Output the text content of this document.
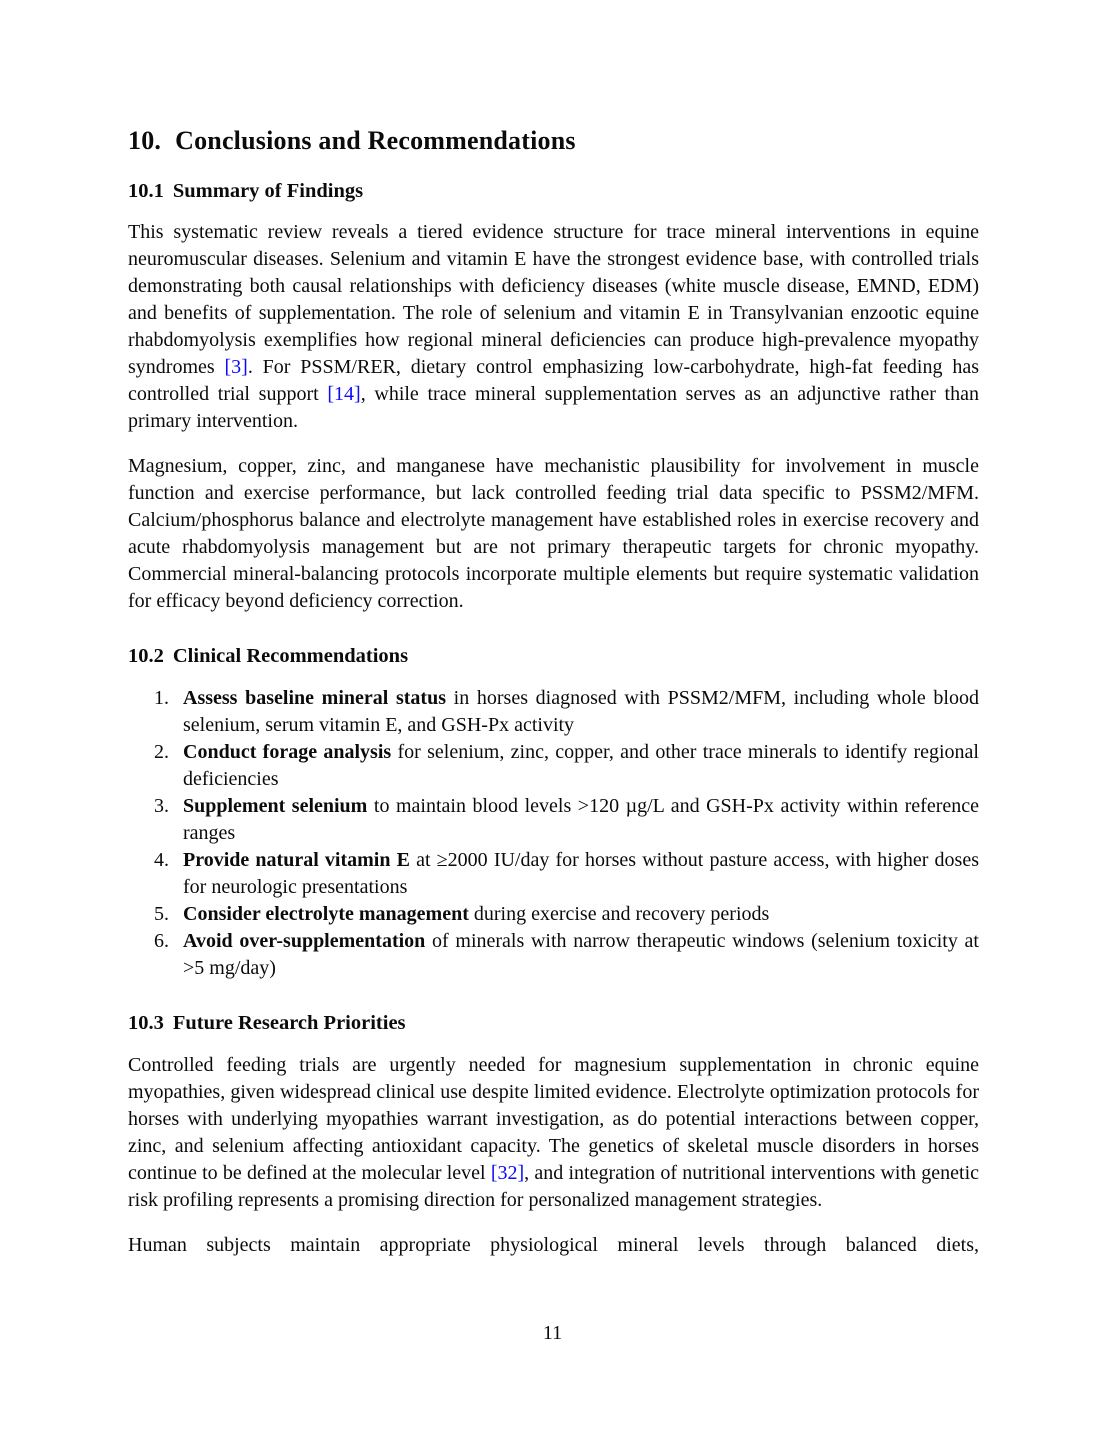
10. Conclusions and Recommendations
10.1 Summary of Findings

This systematic review reveals a tiered evidence structure for trace mineral interventions in equine neuromuscular diseases. Selenium and vitamin E have the strongest evidence base, with controlled trials demonstrating both causal relationships with deficiency diseases (white muscle disease, EMND, EDM) and benefits of supplementation. The role of selenium and vitamin E in Transylvanian enzootic equine rhabdomyolysis exemplifies how regional mineral deficiencies can produce high-prevalence myopathy syndromes [3]. For PSSM/RER, dietary control emphasizing low-carbohydrate, high-fat feeding has controlled trial support [14], while trace mineral supplementation serves as an adjunctive rather than primary intervention.

Magnesium, copper, zinc, and manganese have mechanistic plausibility for involvement in muscle function and exercise performance, but lack controlled feeding trial data specific to PSSM2/MFM. Calcium/phosphorus balance and electrolyte management have established roles in exercise recovery and acute rhabdomyolysis management but are not primary therapeutic targets for chronic myopathy. Commercial mineral-balancing protocols incorporate multiple elements but require systematic validation for efficacy beyond deficiency correction.

10.2 Clinical Recommendations
1. Assess baseline mineral status in horses diagnosed with PSSM2/MFM, including whole blood selenium, serum vitamin E, and GSH-Px activity
2. Conduct forage analysis for selenium, zinc, copper, and other trace minerals to identify regional deficiencies
3. Supplement selenium to maintain blood levels >120 µg/L and GSH-Px activity within reference ranges
4. Provide natural vitamin E at ≥2000 IU/day for horses without pasture access, with higher doses for neurologic presentations
5. Consider electrolyte management during exercise and recovery periods
6. Avoid over-supplementation of minerals with narrow therapeutic windows (selenium toxicity at >5 mg/day)
10.3 Future Research Priorities

Controlled feeding trials are urgently needed for magnesium supplementation in chronic equine myopathies, given widespread clinical use despite limited evidence. Electrolyte optimization protocols for horses with underlying myopathies warrant investigation, as do potential interactions between copper, zinc, and selenium affecting antioxidant capacity. The genetics of skeletal muscle disorders in horses continue to be defined at the molecular level [32], and integration of nutritional interventions with genetic risk profiling represents a promising direction for personalized management strategies.

Human subjects maintain appropriate physiological mineral levels through balanced diets,

11
